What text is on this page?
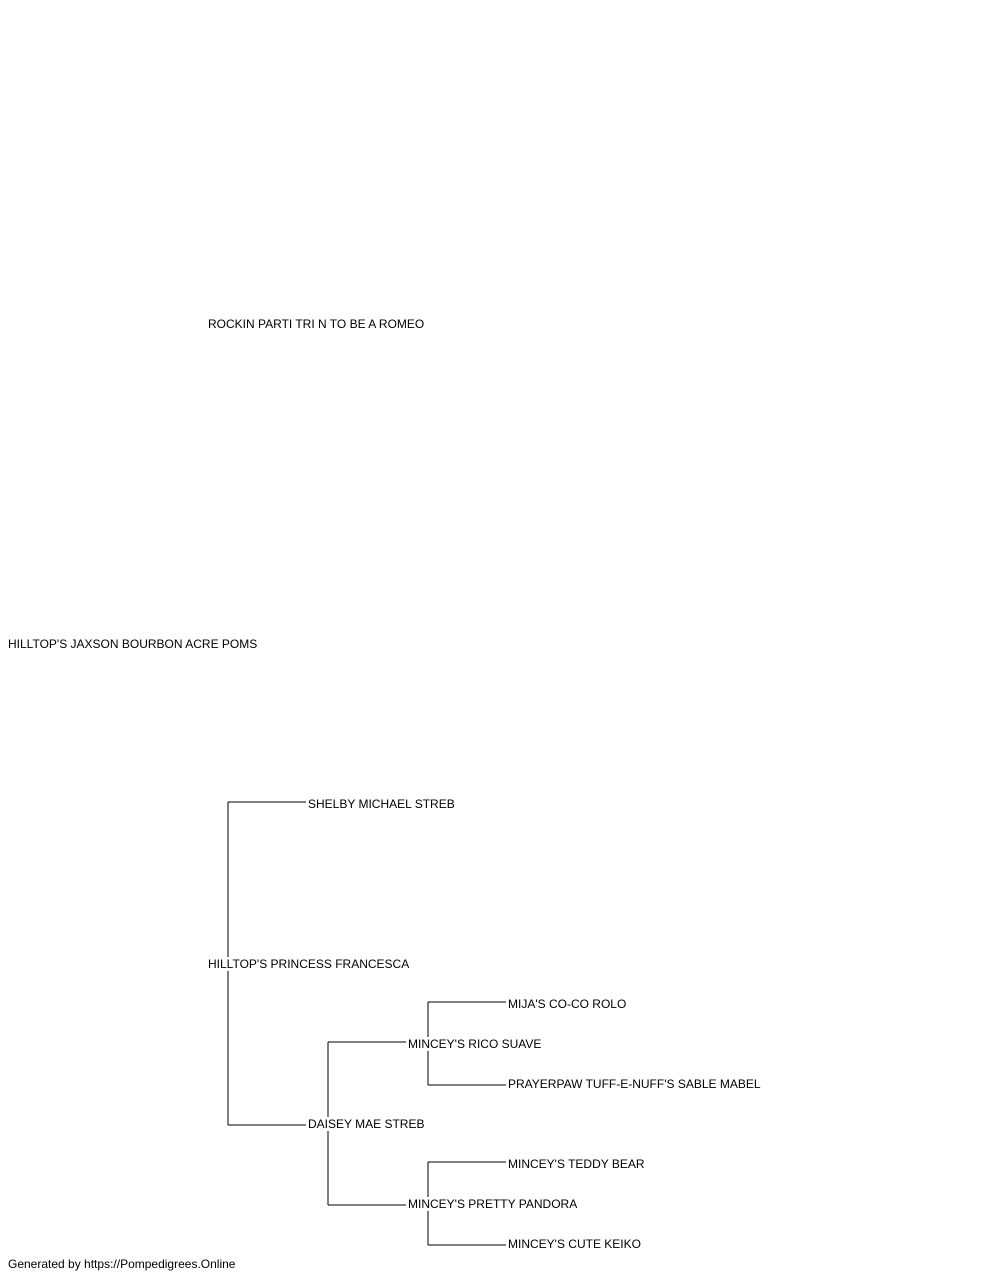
HILLTOP'S JAXSON BOURBON ACRE POMS
ROCKIN PARTI TRI N TO BE A ROMEO
HILLTOP'S PRINCESS FRANCESCA
SHELBY MICHAEL STREB
DAISEY MAE STREB
MINCEY'S RICO SUAVE
MIJA'S CO-CO ROLO
PRAYERPAW TUFF-E-NUFF'S SABLE MABEL
MINCEY'S PRETTY PANDORA
MINCEY'S TEDDY BEAR
MINCEY'S CUTE KEIKO
Generated by https://Pompedigrees.Online
